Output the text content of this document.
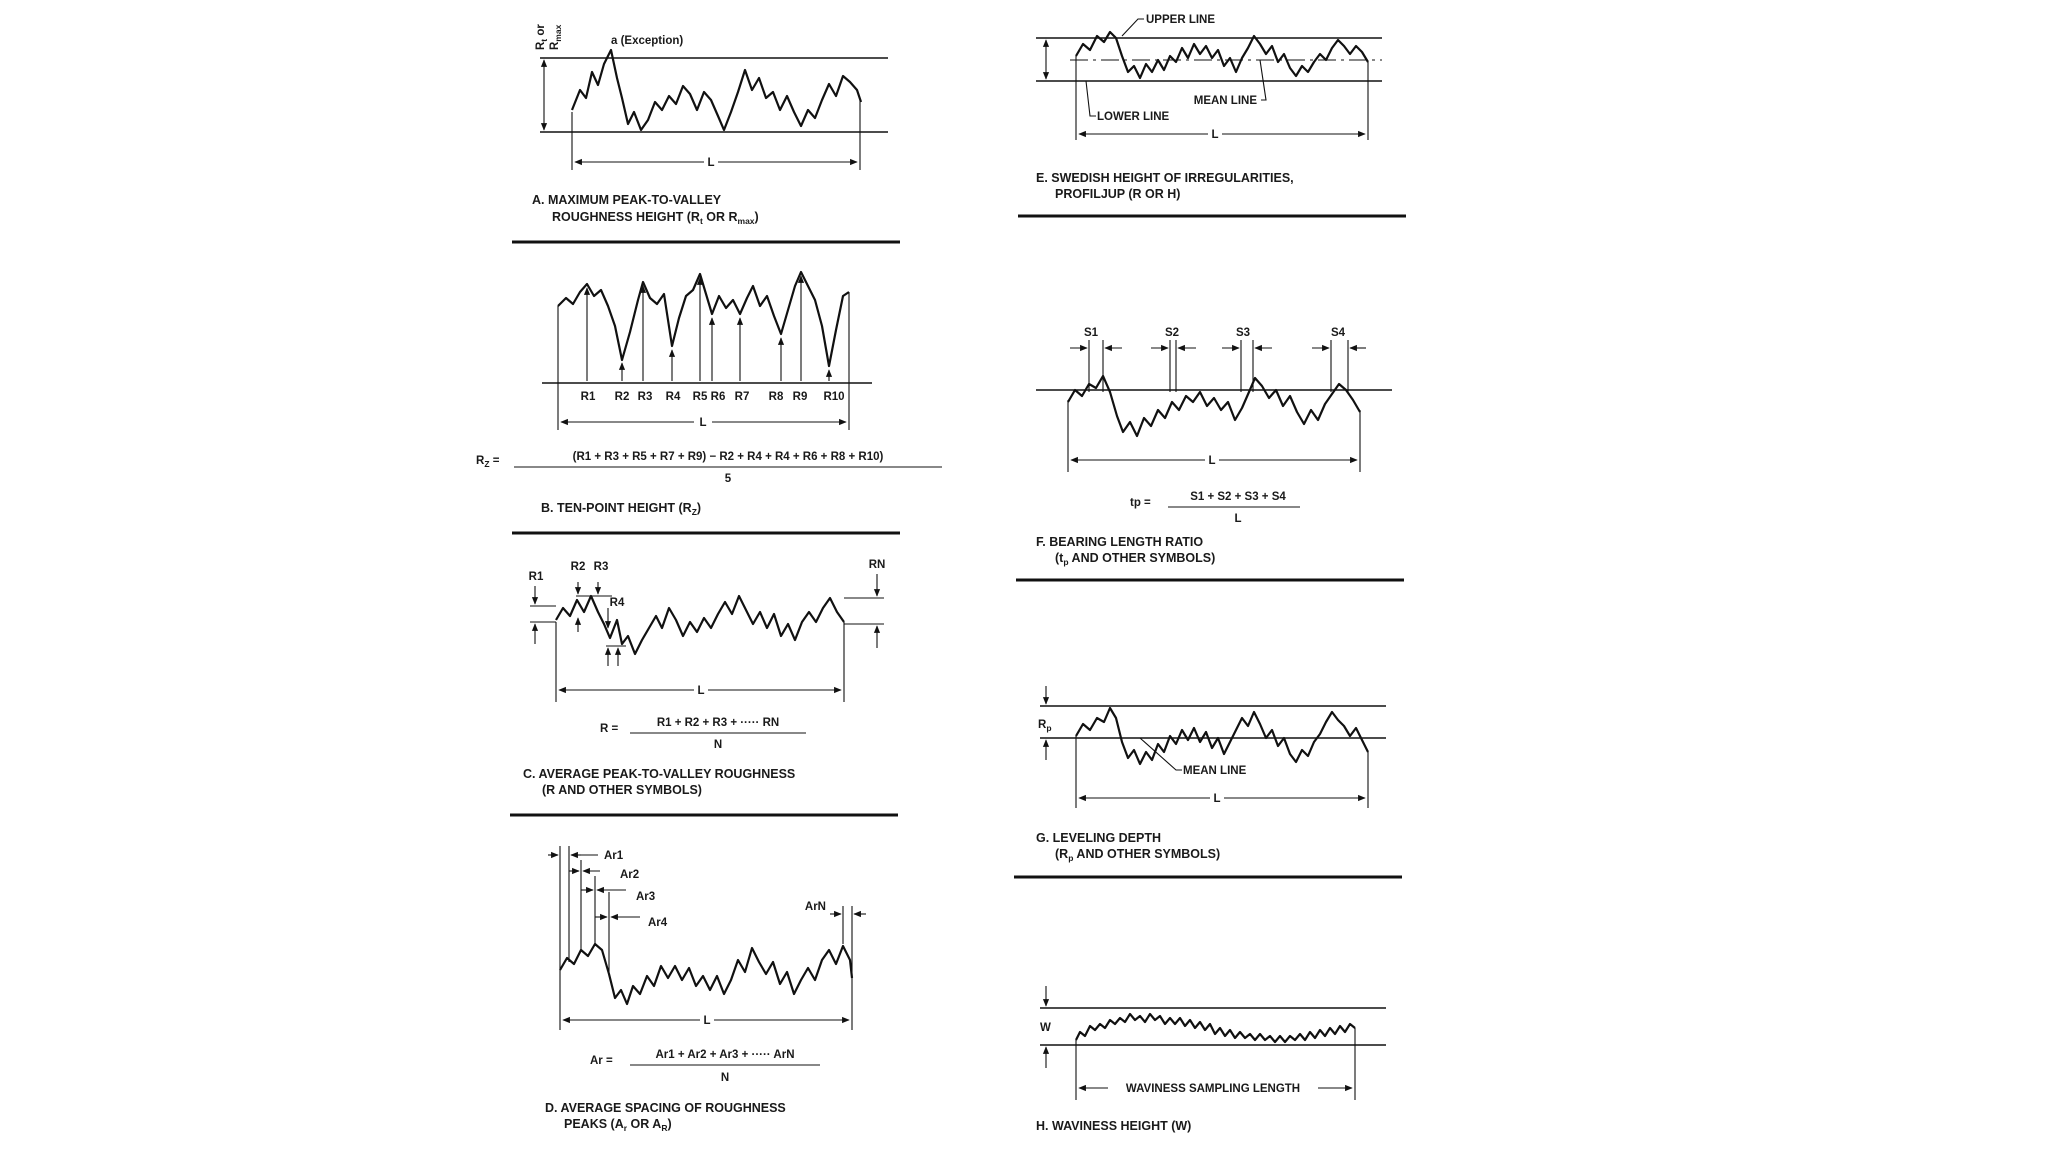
L
a (Exception)
$R_t$ or
$R_{max}$
A. MAXIMUM PEAK-TO-VALLEY
ROUGHNESS HEIGHT ($R_t$ OR $R_{max}$)
R1 R2 R3 R4 R5 R6 R7 R8 R9 R10
L
$R_Z$ =	(R1 + R3 + R5 + R7 + R9) − R2 + R4 + R4 + R6 + R8 + R10)
5
B. TEN-POINT HEIGHT $(R_Z)$
R1
R2 R3
R4
RN
L
R =	R1 + R2 + R3 + ····· RN
N
C. AVERAGE PEAK-TO-VALLEY ROUGHNESS
(R AND OTHER SYMBOLS)
Ar1
Ar2
Ar3
Ar4
ArN
L
Ar =	Ar1 + Ar2 + Ar3 + ····· ArN
N
D. AVERAGE SPACING OF ROUGHNESS
PEAKS ($A_r$ OR $A_R$)
L
UPPER LINE
MEAN LINE
LOWER LINE
E. SWEDISH HEIGHT OF IRREGULARITIES,
PROFILJUP (R OR H)
L
S1	S2	S3	S4
tp =	S1 + S2 + S3 + S4
L
F. BEARING LENGTH RATIO
($t_p$ AND OTHER SYMBOLS)
$R_p$
L
MEAN LINE
G. LEVELING DEPTH
($R_p$ AND OTHER SYMBOLS)
W
WAVINESS SAMPLING LENGTH
H. WAVINESS HEIGHT (W)
